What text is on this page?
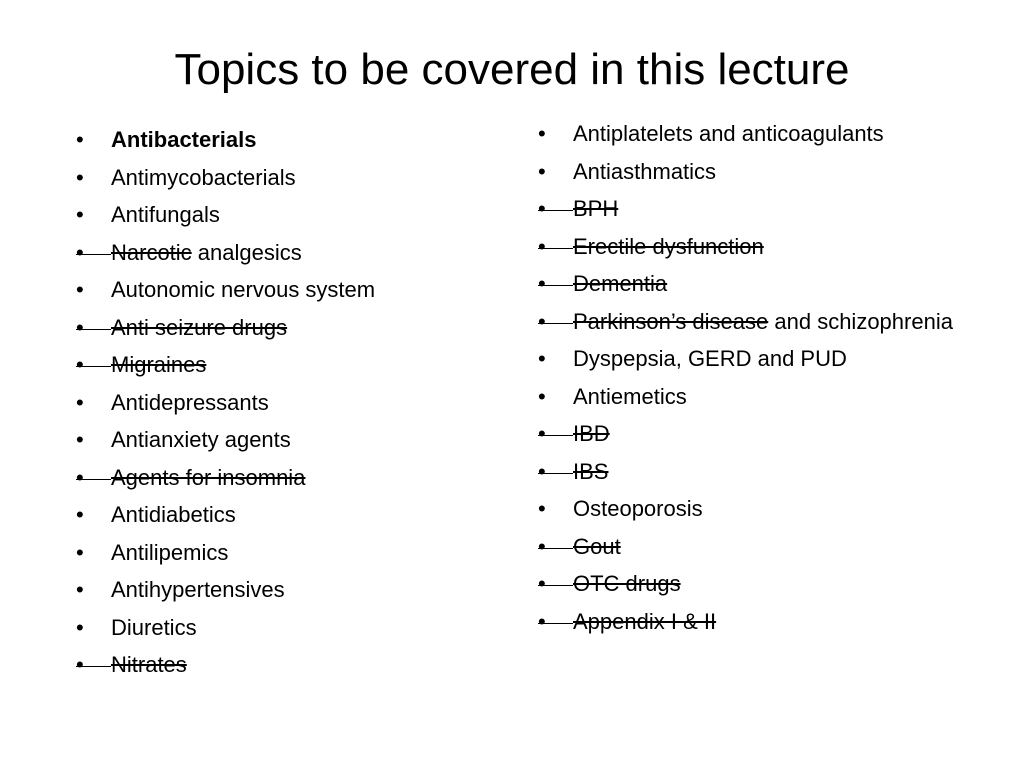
Topics to be covered in this lecture
• Antibacterials
• Antimycobacterials
• Antifungals
• Narcotic analgesics
• Autonomic nervous system
• Anti seizure drugs
• Migraines
• Antidepressants
• Antianxiety agents
• Agents for insomnia
• Antidiabetics
• Antilipemics
• Antihypertensives
• Diuretics
• Nitrates
• Antiplatelets and anticoagulants
• Antiasthmatics
• BPH
• Erectile dysfunction
• Dementia
• Parkinson’s disease and schizophrenia
• Dyspepsia, GERD and PUD
• Antiemetics
• IBD
• IBS
• Osteoporosis
• Gout
• OTC drugs
• Appendix I & II
